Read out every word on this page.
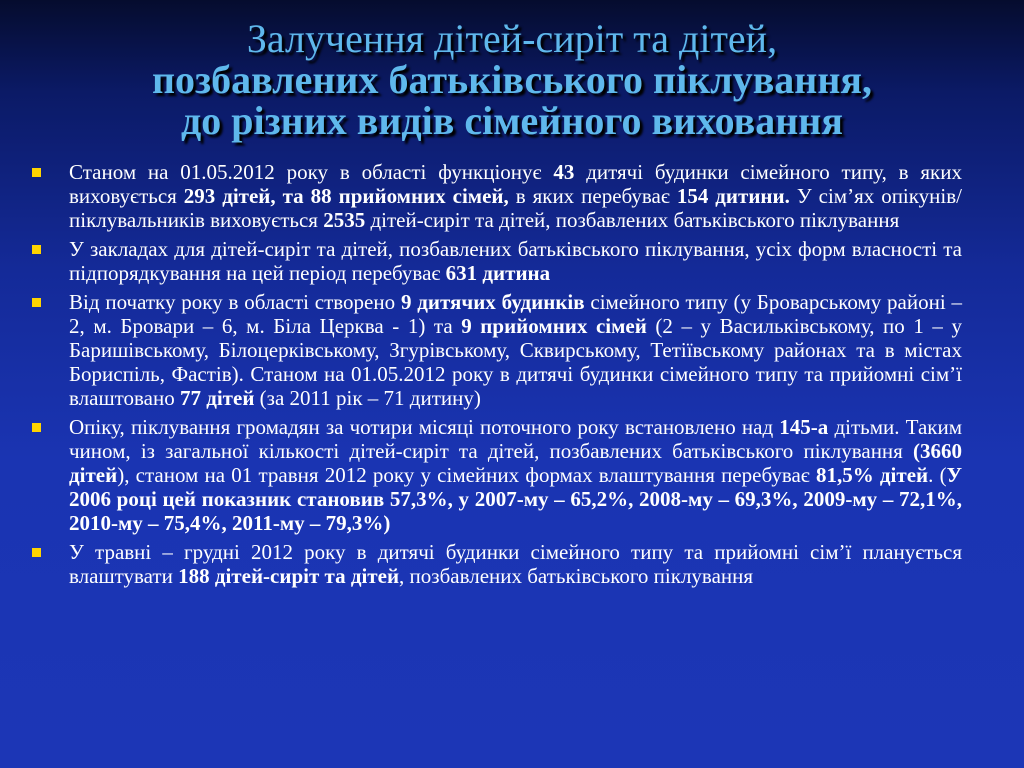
Залучення дітей-сиріт та дітей,
позбавлених батьківського піклування,
до різних видів сімейного виховання
Станом на 01.05.2012 року в області функціонує 43 дитячі будинки сімейного типу, в яких виховується 293 дітей, та 88 прийомних сімей, в яких перебуває 154 дитини. У сім’ях опікунів/піклувальників виховується 2535 дітей-сиріт та дітей, позбавлених батьківського піклування
У закладах для дітей-сиріт та дітей, позбавлених батьківського піклування, усіх форм власності та підпорядкування на цей період перебуває 631 дитина
Від початку року в області створено 9 дитячих будинків сімейного типу (у Броварському районі – 2, м. Бровари – 6, м. Біла Церква - 1) та 9 прийомних сімей (2 – у Васильківському, по 1 – у Баришівському, Білоцерківському, Згурівському, Сквирському, Тетіївському районах та в містах Бориспіль, Фастів). Станом на 01.05.2012 року в дитячі будинки сімейного типу та прийомні сім’ї влаштовано 77 дітей (за 2011 рік – 71 дитину)
Опіку, піклування громадян за чотири місяці поточного року встановлено над 145-а дітьми. Таким чином, із загальної кількості дітей-сиріт та дітей, позбавлених батьківського піклування (3660 дітей), станом на 01 травня 2012 року у сімейних формах влаштування перебуває 81,5% дітей. (У 2006 році цей показник становив 57,3%, у 2007-му – 65,2%, 2008-му – 69,3%, 2009-му – 72,1%, 2010-му – 75,4%, 2011-му – 79,3%)
У травні – грудні 2012 року в дитячі будинки сімейного типу та прийомні сім’ї планується влаштувати 188 дітей-сиріт та дітей, позбавлених батьківського піклування
